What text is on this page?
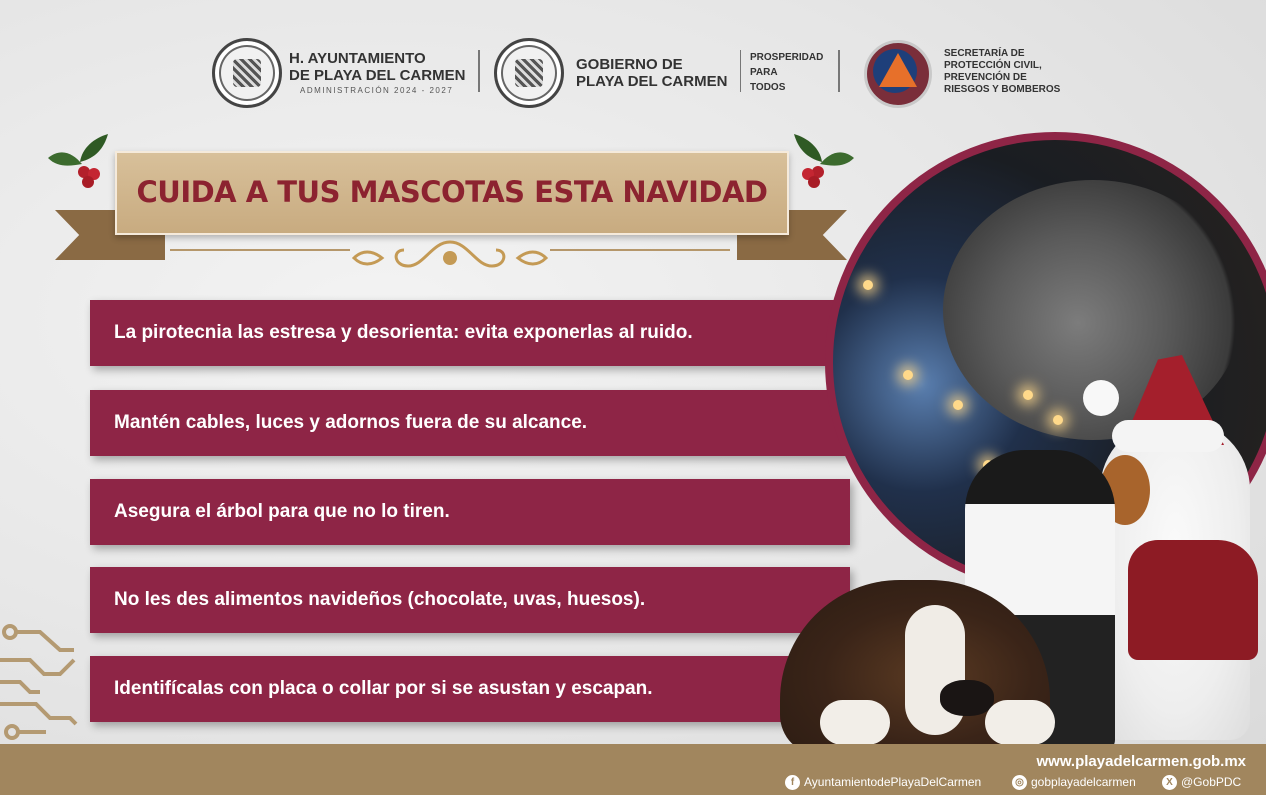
H. AYUNTAMIENTO
DE PLAYA DEL CARMEN
ADMINISTRACIÓN 2024 - 2027
GOBIERNO DE
PLAYA DEL CARMEN
PROSPERIDAD
PARA
TODOS
SECRETARÍA DE
PROTECCIÓN CIVIL,
PREVENCIÓN DE
RIESGOS Y BOMBEROS
CUIDA A TUS MASCOTAS ESTA NAVIDAD
La pirotecnia las estresa y desorienta: evita exponerlas al ruido.
Mantén cables, luces y adornos fuera de su alcance.
Asegura el árbol para que no lo tiren.
No les des alimentos navideños (chocolate, uvas, huesos).
Identifícalas con placa o collar por si se asustan y escapan.
www.playadelcarmen.gob.mx
f AyuntamientodePlayaDelCarmen	◎ gobplayadelcarmen	X @GobPDC
